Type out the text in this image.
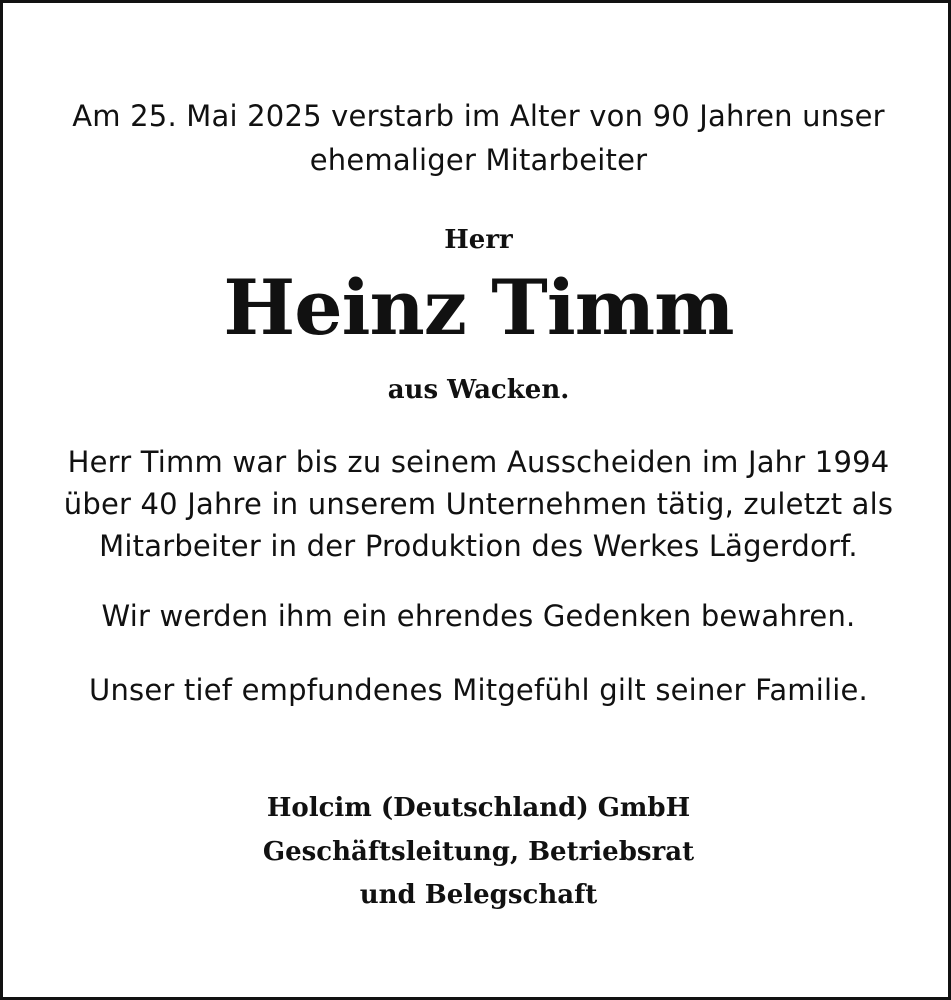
Am 25. Mai 2025 verstarb im Alter von 90 Jahren unser
ehemaliger Mitarbeiter
Herr
Heinz Timm
aus Wacken.
Herr Timm war bis zu seinem Ausscheiden im Jahr 1994
über 40 Jahre in unserem Unternehmen tätig, zuletzt als
Mitarbeiter in der Produktion des Werkes Lägerdorf.
Wir werden ihm ein ehrendes Gedenken bewahren.
Unser tief empfundenes Mitgefühl gilt seiner Familie.
Holcim (Deutschland) GmbH
Geschäftsleitung, Betriebsrat
und Belegschaft
